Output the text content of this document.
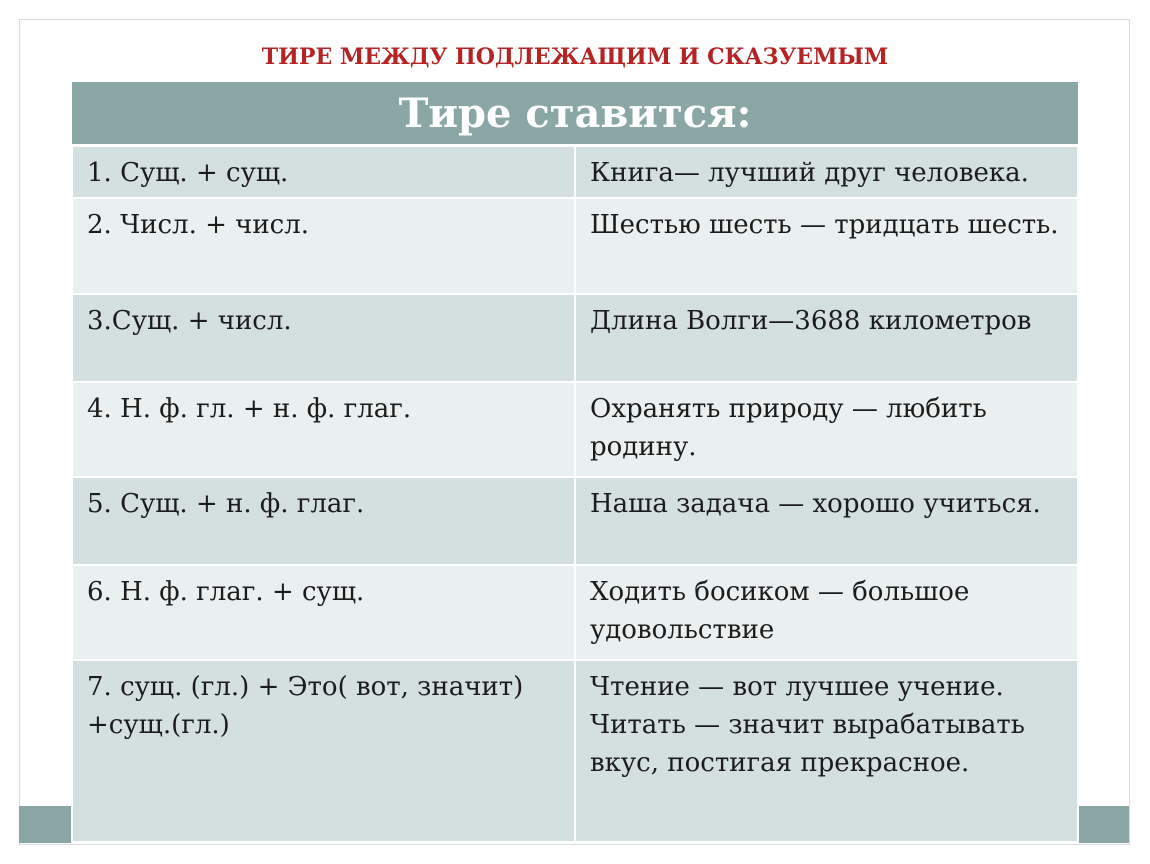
ТИРЕ МЕЖДУ ПОДЛЕЖАЩИМ И СКАЗУЕМЫМ
Тире ставится:	
1. Сущ. + сущ.	Книга— лучший друг человека.
2. Числ. + числ.	Шестью шесть — тридцать шесть.
3.Сущ. + числ.	Длина Волги—3688 километров
4. Н. ф. гл. + н. ф. глаг.	Охранять природу — любить родину.
5. Сущ. + н. ф. глаг.	Наша задача — хорошо учиться.
6. Н. ф. глаг. + сущ.	Ходить босиком — большое удовольствие
7. сущ. (гл.) + Это( вот, значит) +сущ.(гл.)	Чтение — вот лучшее учение. Читать — значит вырабатывать вкус, постигая прекрасное.
